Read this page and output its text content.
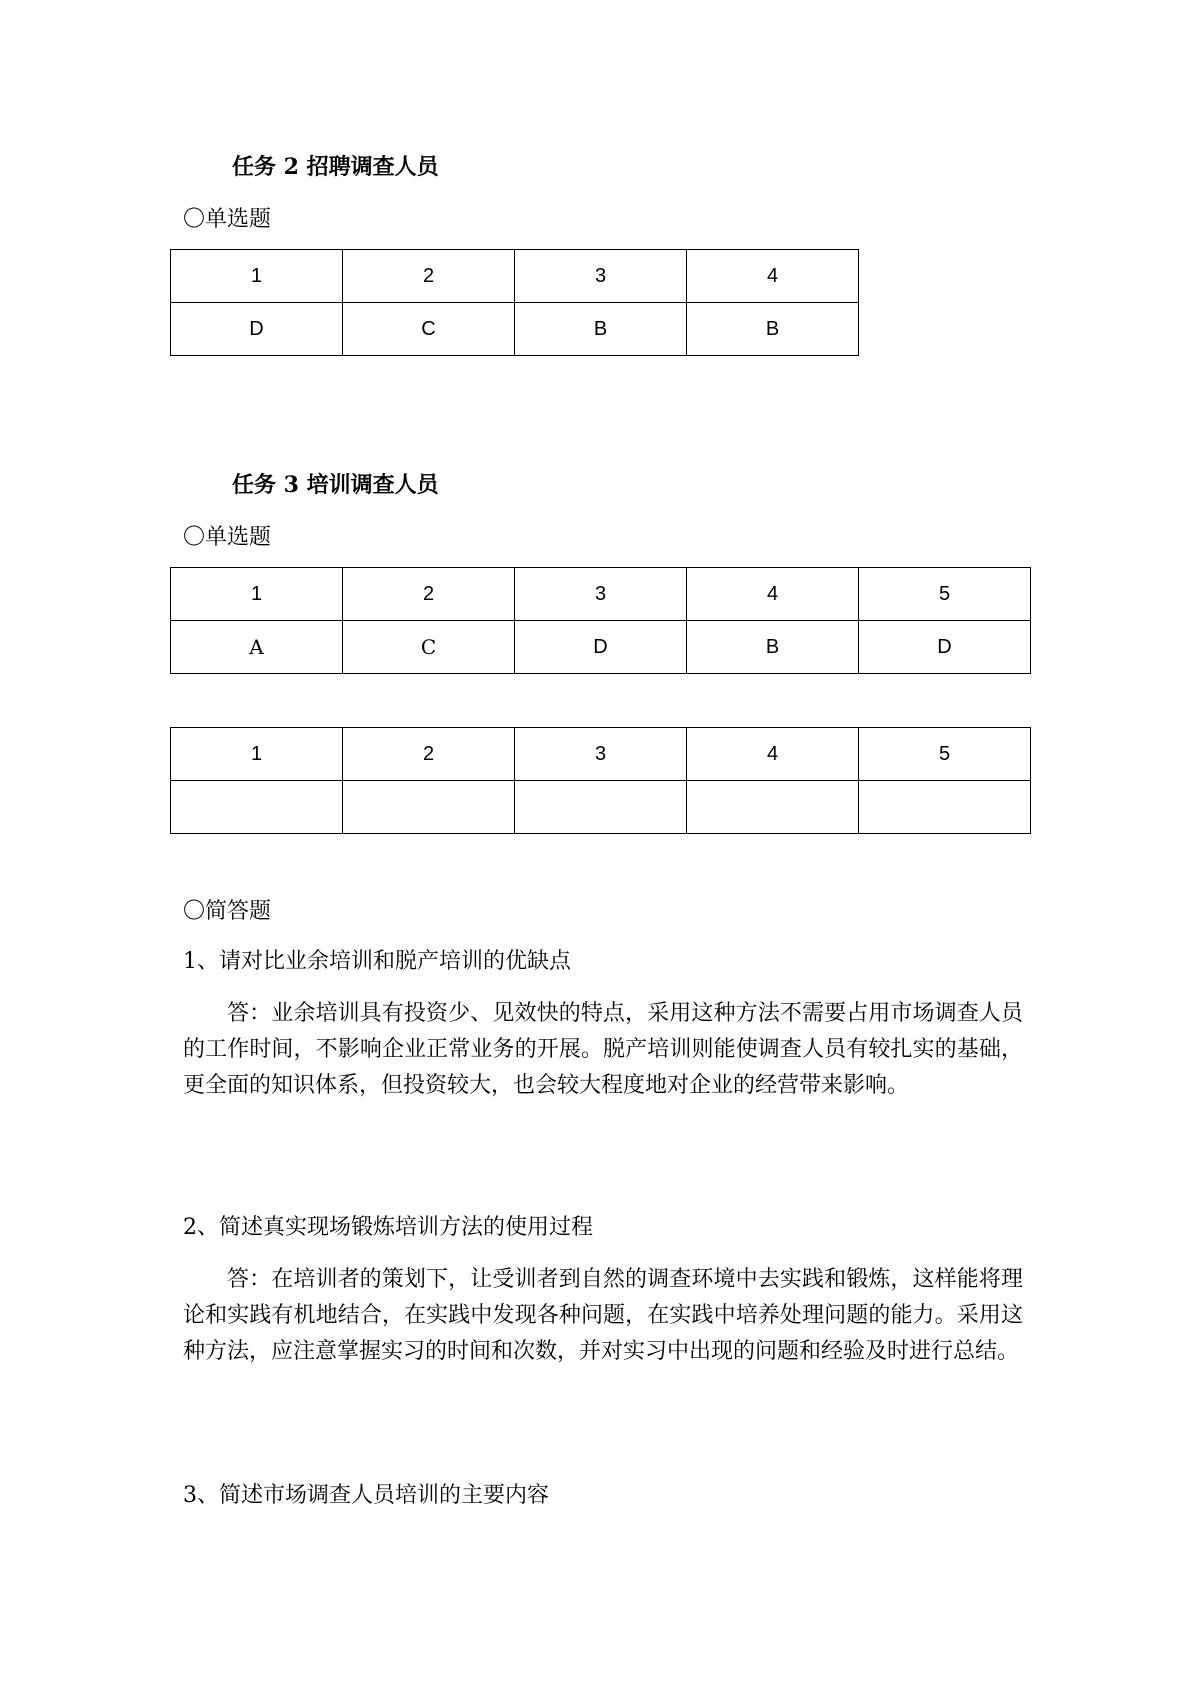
任务 2 招聘调查人员
〇单选题
1	2	3	4
D	C	B	B
任务 3 培训调查人员
〇单选题
1	2	3	4	5
A	C	D	B	D
1	2	3	4	5

〇简答题
1、请对比业余培训和脱产培训的优缺点
答：业余培训具有投资少、见效快的特点，采用这种方法不需要占用市场调查人员的工作时间，不影响企业正常业务的开展。脱产培训则能使调查人员有较扎实的基础，更全面的知识体系，但投资较大，也会较大程度地对企业的经营带来影响。
2、简述真实现场锻炼培训方法的使用过程
答：在培训者的策划下，让受训者到自然的调查环境中去实践和锻炼，这样能将理论和实践有机地结合，在实践中发现各种问题，在实践中培养处理问题的能力。采用这种方法，应注意掌握实习的时间和次数，并对实习中出现的问题和经验及时进行总结。
3、简述市场调查人员培训的主要内容
